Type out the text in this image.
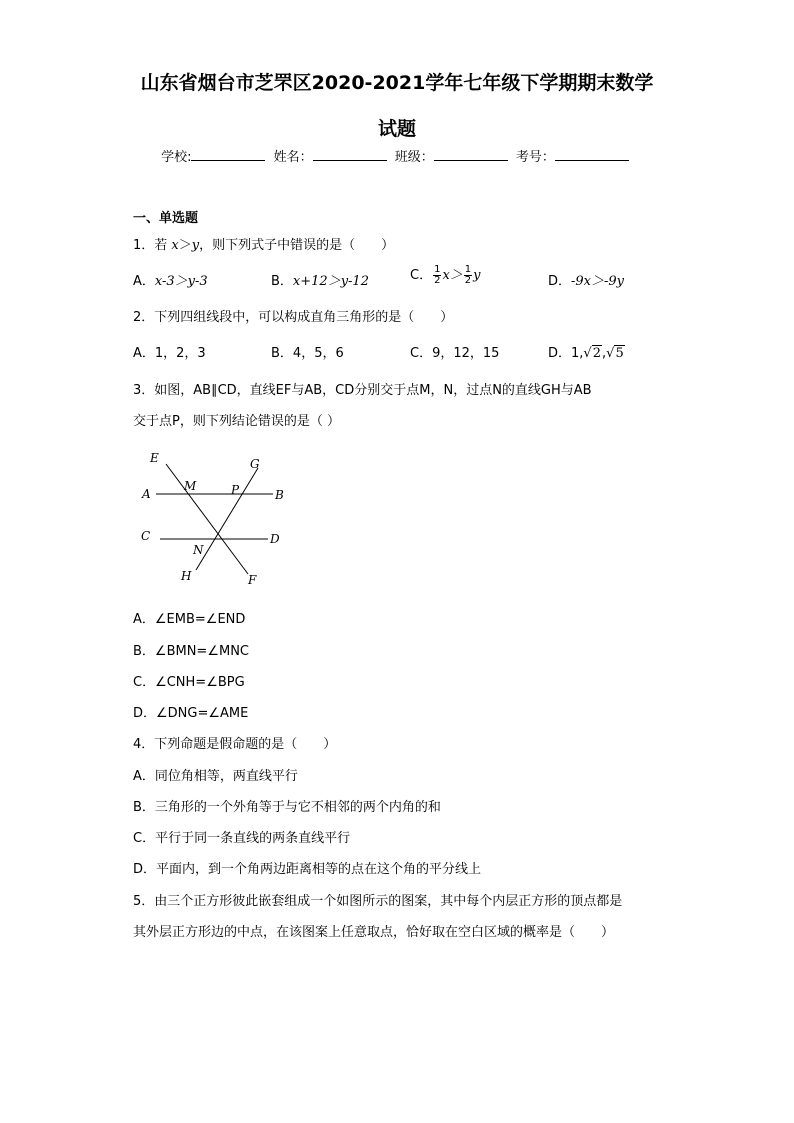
山东省烟台市芝罘区2020-2021学年七年级下学期期末数学
试题
学校:	姓名：	班级：	考号：
一、单选题
1．若 x＞y，则下列式子中错误的是（　　）
A．x-3＞y-3	B．x+12＞y-12	C． $\frac{1}{2} x> \frac{1}{2}$ y	D．-9x＞-9y
2．下列四组线段中，可以构成直角三角形的是（　　）
A．1，2，3	B．4，5，6	C．9，12，15	D．1,√2,√5
3．如图，AB∥CD，直线EF与AB，CD分别交于点M，N，过点N的直线GH与AB
交于点P，则下列结论错误的是（ ）
E	G
A
M	P	B
C
N
D
H	F
A．∠EMB=∠END
B．∠BMN=∠MNC
C．∠CNH=∠BPG
D．∠DNG=∠AME
4．下列命题是假命题的是（　　）
A．同位角相等，两直线平行
B．三角形的一个外角等于与它不相邻的两个内角的和
C．平行于同一条直线的两条直线平行
D．平面内，到一个角两边距离相等的点在这个角的平分线上
5．由三个正方形彼此嵌套组成一个如图所示的图案，其中每个内层正方形的顶点都是
其外层正方形边的中点，在该图案上任意取点，恰好取在空白区域的概率是（　　）
